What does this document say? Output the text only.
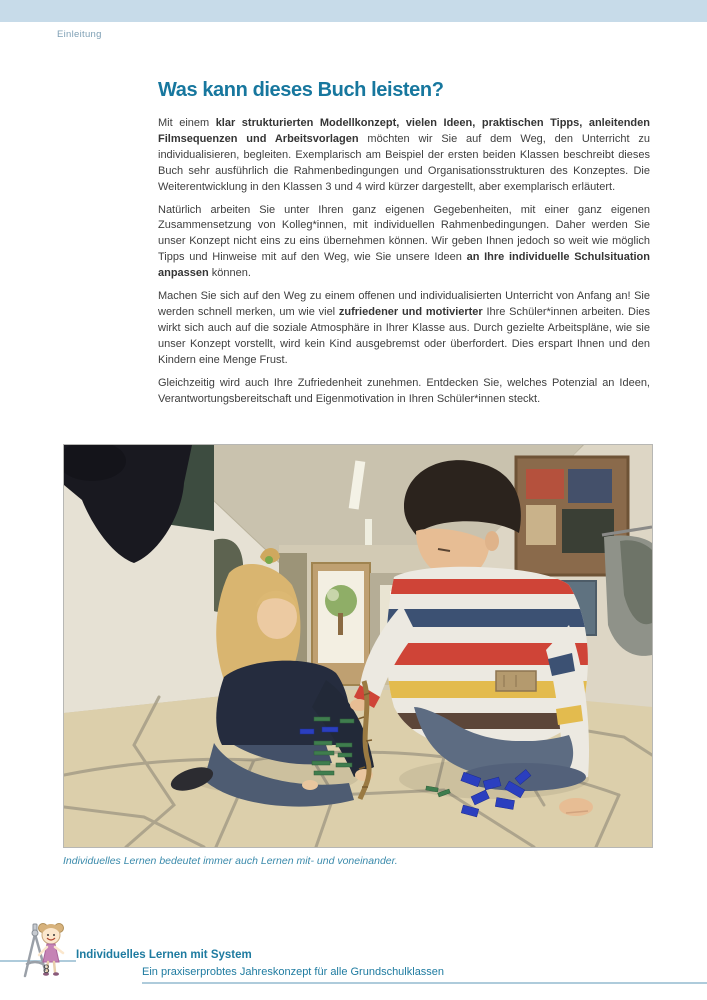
Einleitung
Was kann dieses Buch leisten?

Mit einem klar strukturierten Modellkonzept, vielen Ideen, praktischen Tipps, anleitenden Filmsequenzen und Arbeitsvorlagen möchten wir Sie auf dem Weg, den Unterricht zu individualisieren, begleiten. Exemplarisch am Beispiel der ersten beiden Klassen beschreibt dieses Buch sehr ausführlich die Rahmenbedingungen und Organisationsstrukturen des Konzeptes. Die Weiterentwicklung in den Klassen 3 und 4 wird kürzer dargestellt, aber exemplarisch erläutert.

Natürlich arbeiten Sie unter Ihren ganz eigenen Gegebenheiten, mit einer ganz eigenen Zusammensetzung von Kolleg*innen, mit individuellen Rahmenbedingungen. Daher werden Sie unser Konzept nicht eins zu eins übernehmen können. Wir geben Ihnen jedoch so weit wie möglich Tipps und Hinweise mit auf den Weg, wie Sie unsere Ideen an Ihre individuelle Schulsituation anpassen können.

Machen Sie sich auf den Weg zu einem offenen und individualisierten Unterricht von Anfang an! Sie werden schnell merken, um wie viel zufriedener und motivierter Ihre Schüler*innen arbeiten. Dies wirkt sich auch auf die soziale Atmosphäre in Ihrer Klasse aus. Durch gezielte Arbeitspläne, wie sie unser Konzept vorstellt, wird kein Kind ausgebremst oder überfordert. Dies erspart Ihnen und den Kindern eine Menge Frust.

Gleichzeitig wird auch Ihre Zufriedenheit zunehmen. Entdecken Sie, welches Potenzial an Ideen, Verantwortungsbereitschaft und Eigenmotivation in Ihren Schüler*innen steckt.

Individuelles Lernen bedeutet immer auch Lernen mit- und voneinander.
8
Individuelles Lernen mit System
Ein praxiserprobtes Jahreskonzept für alle Grundschulklassen
